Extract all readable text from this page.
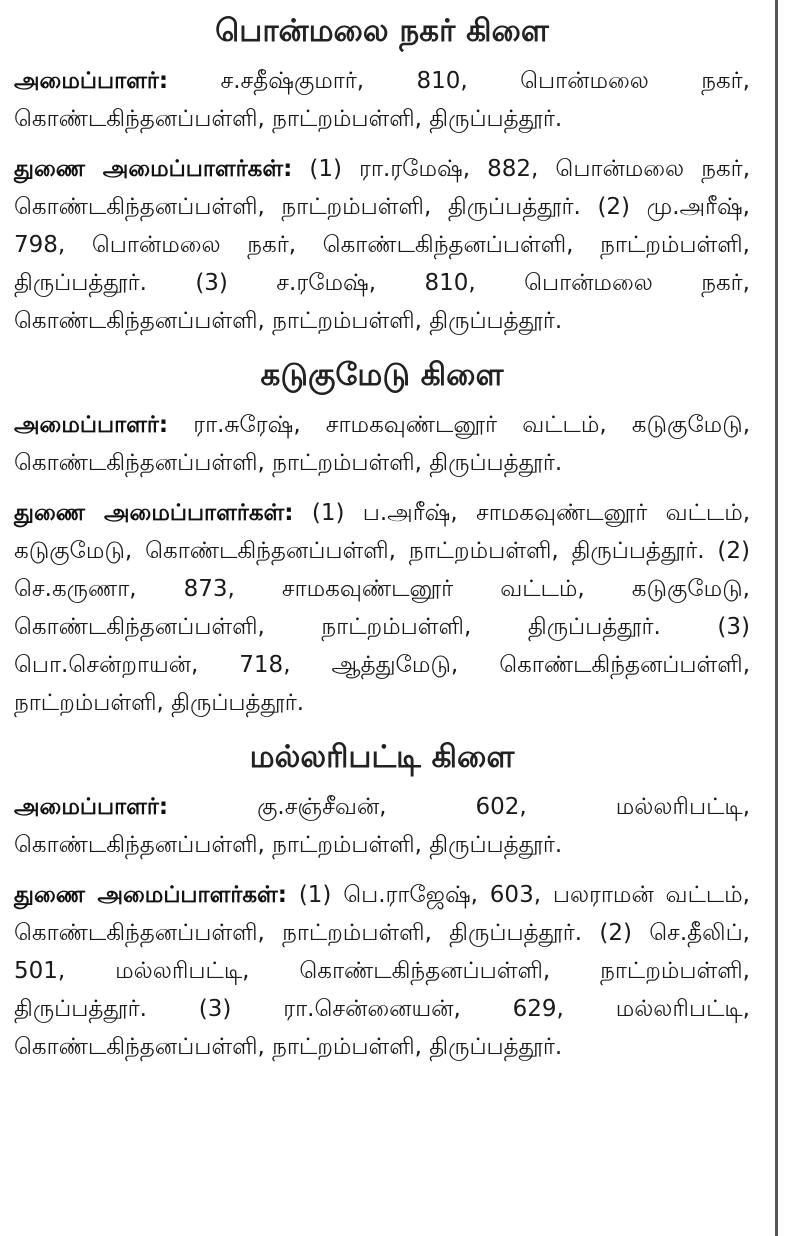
பொன்மலை நகர் கிளை

அமைப்பாளர்: ச.சதீஷ்குமார், 810, பொன்மலை நகர், கொண்டகிந்தனப்பள்ளி, நாட்றம்பள்ளி, திருப்பத்தூர்.

துணை அமைப்பாளர்கள்: (1) ரா.ரமேஷ், 882, பொன்மலை நகர், கொண்டகிந்தனப்பள்ளி, நாட்றம்பள்ளி, திருப்பத்தூர். (2) மு.அரீஷ், 798, பொன்மலை நகர், கொண்டகிந்தனப்பள்ளி, நாட்றம்பள்ளி, திருப்பத்தூர். (3) ச.ரமேஷ், 810, பொன்மலை நகர், கொண்டகிந்தனப்பள்ளி, நாட்றம்பள்ளி, திருப்பத்தூர்.

கடுகுமேடு கிளை

அமைப்பாளர்: ரா.சுரேஷ், சாமகவுண்டனூர் வட்டம், கடுகுமேடு, கொண்டகிந்தனப்பள்ளி, நாட்றம்பள்ளி, திருப்பத்தூர்.

துணை அமைப்பாளர்கள்: (1) ப.அரீஷ், சாமகவுண்டனூர் வட்டம், கடுகுமேடு, கொண்டகிந்தனப்பள்ளி, நாட்றம்பள்ளி, திருப்பத்தூர். (2) செ.கருணா, 873, சாமகவுண்டனூர் வட்டம், கடுகுமேடு, கொண்டகிந்தனப்பள்ளி, நாட்றம்பள்ளி, திருப்பத்தூர். (3) பொ.சென்றாயன், 718, ஆத்துமேடு, கொண்டகிந்தனப்பள்ளி, நாட்றம்பள்ளி, திருப்பத்தூர்.

மல்லரிபட்டி கிளை

அமைப்பாளர்:	கு.சஞ்சீவன், 602, மல்லரிபட்டி, கொண்டகிந்தனப்பள்ளி, நாட்றம்பள்ளி, திருப்பத்தூர்.

துணை அமைப்பாளர்கள்: (1) பெ.ராஜேஷ், 603, பலராமன் வட்டம், கொண்டகிந்தனப்பள்ளி, நாட்றம்பள்ளி, திருப்பத்தூர். (2) செ.தீலிப், 501, மல்லரிபட்டி, கொண்டகிந்தனப்பள்ளி, நாட்றம்பள்ளி, திருப்பத்தூர். (3) ரா.சென்னையன், 629, மல்லரிபட்டி, கொண்டகிந்தனப்பள்ளி, நாட்றம்பள்ளி, திருப்பத்தூர்.
